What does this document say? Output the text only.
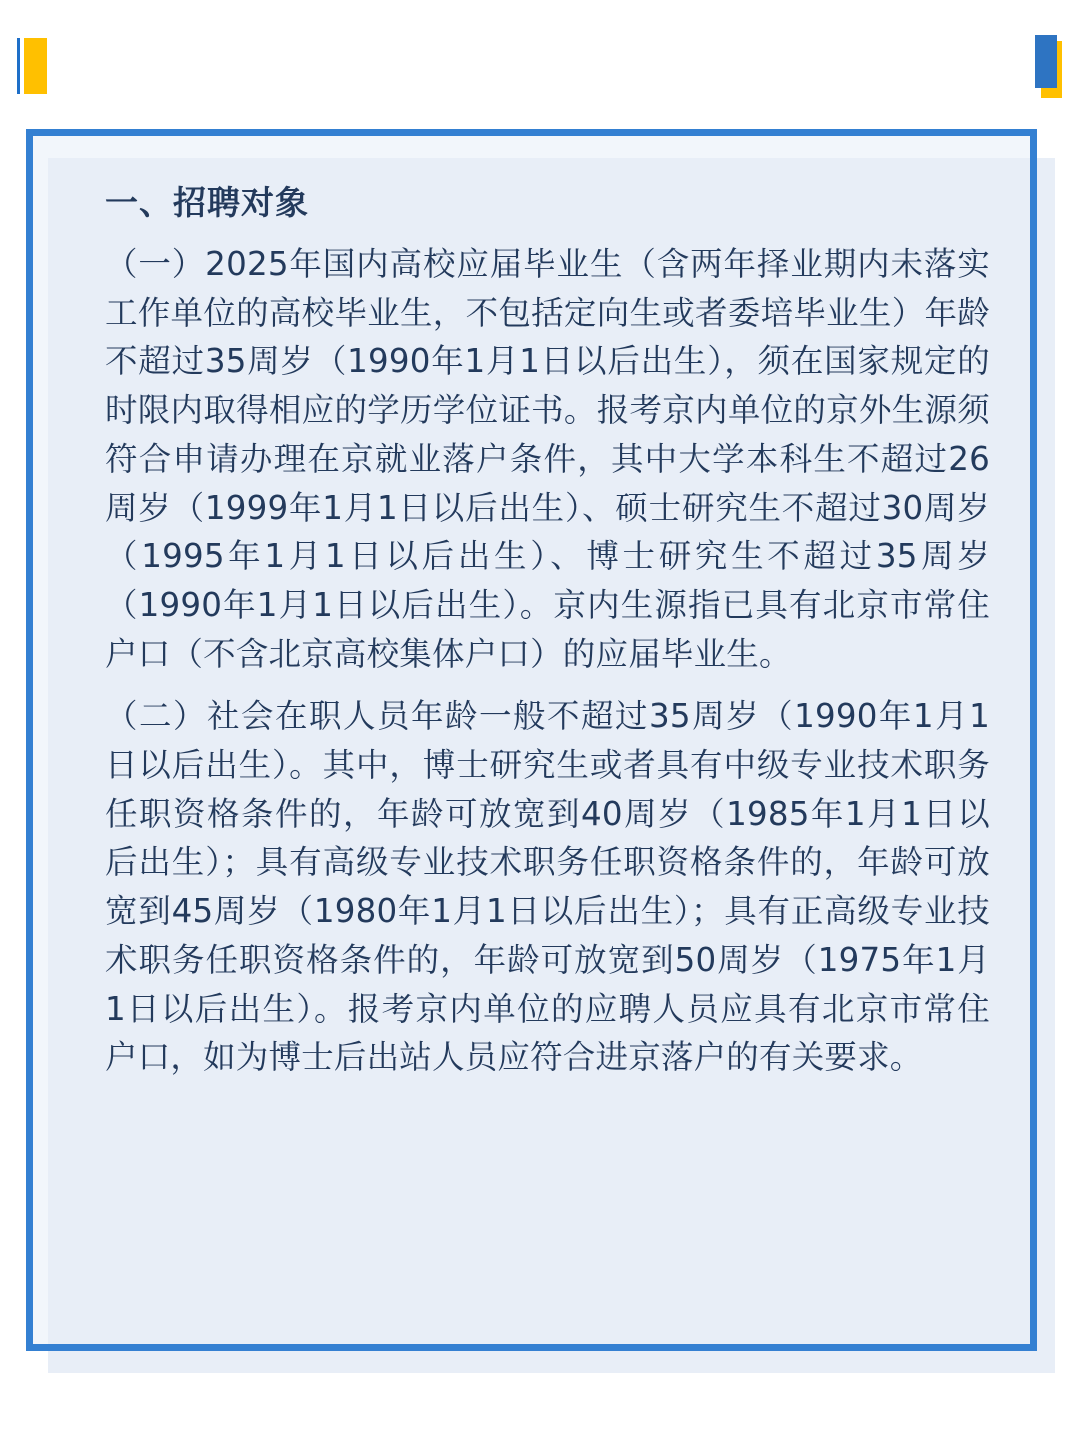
一、招聘对象

（一）2025年国内高校应届毕业生（含两年择业期内未落实工作单位的高校毕业生，不包括定向生或者委培毕业生）年龄不超过35周岁（1990年1月1日以后出生），须在国家规定的时限内取得相应的学历学位证书。报考京内单位的京外生源须符合申请办理在京就业落户条件，其中大学本科生不超过26周岁（1999年1月1日以后出生）、硕士研究生不超过30周岁（1995年1月1日以后出生）、博士研究生不超过35周岁（1990年1月1日以后出生）。京内生源指已具有北京市常住户口（不含北京高校集体户口）的应届毕业生。

（二）社会在职人员年龄一般不超过35周岁（1990年1月1日以后出生）。其中，博士研究生或者具有中级专业技术职务任职资格条件的，年龄可放宽到40周岁（1985年1月1日以后出生）；具有高级专业技术职务任职资格条件的，年龄可放宽到45周岁（1980年1月1日以后出生）；具有正高级专业技术职务任职资格条件的，年龄可放宽到50周岁（1975年1月1日以后出生）。报考京内单位的应聘人员应具有北京市常住户口，如为博士后出站人员应符合进京落户的有关要求。
